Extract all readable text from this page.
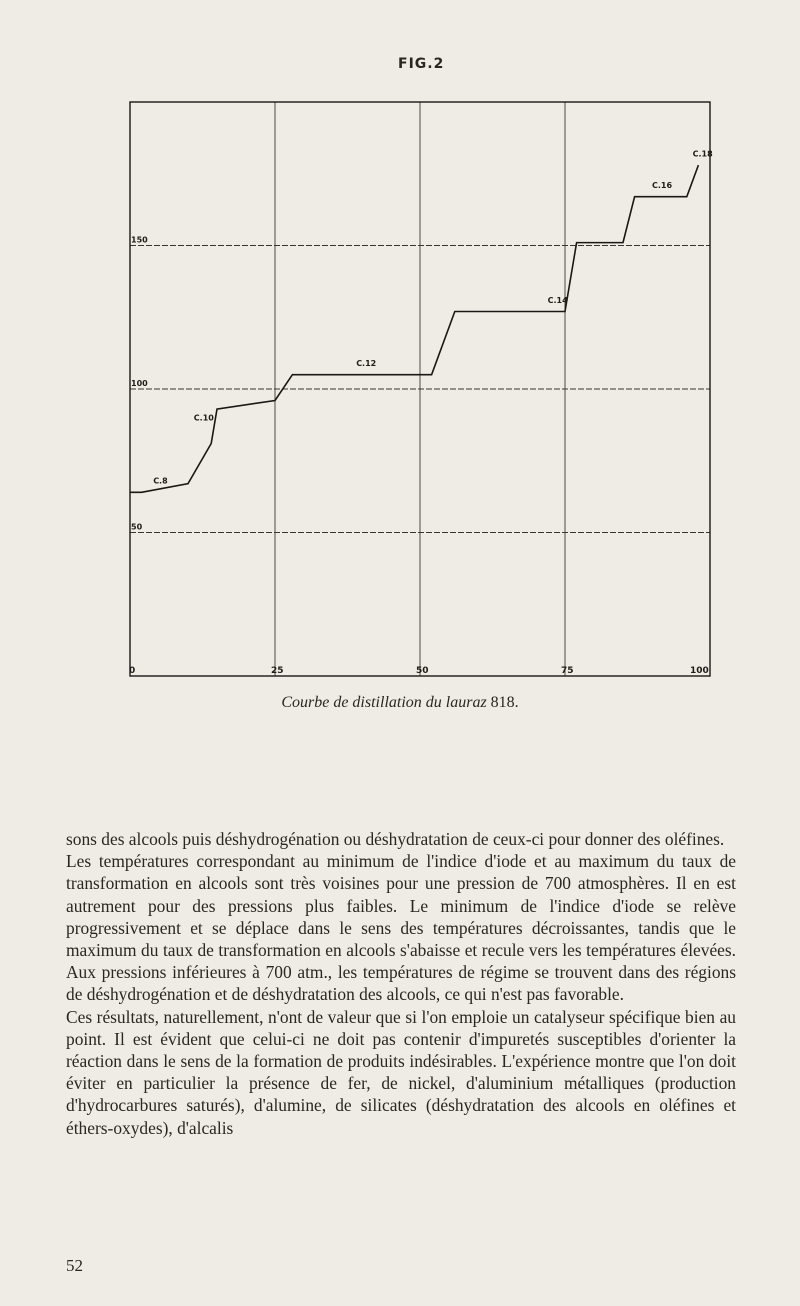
FIG.2
50
100
150
0	25	50	75	100
C.8
C.10
C.12
C.14
C.16
C.18
Courbe de distillation du lauraz 818.

sons des alcools puis déshydrogénation ou déshydratation de ceux-ci pour donner des oléfines.

Les températures correspondant au minimum de l'indice d'iode et au maximum du taux de transformation en alcools sont très voisines pour une pression de 700 atmosphères. Il en est autrement pour des pressions plus faibles. Le minimum de l'indice d'iode se relève progressivement et se déplace dans le sens des températures décroissantes, tandis que le maximum du taux de transformation en alcools s'abaisse et recule vers les températures élevées. Aux pressions inférieures à 700 atm., les températures de régime se trouvent dans des régions de déshydrogénation et de déshydratation des alcools, ce qui n'est pas favorable.

Ces résultats, naturellement, n'ont de valeur que si l'on emploie un catalyseur spécifique bien au point. Il est évident que celui-ci ne doit pas contenir d'impuretés susceptibles d'orienter la réaction dans le sens de la formation de produits indésirables. L'expérience montre que l'on doit éviter en particulier la présence de fer, de nickel, d'aluminium métalliques (production d'hydrocarbures saturés), d'alumine, de silicates (déshydratation des alcools en oléfines et éthers-oxydes), d'alcalis

52
